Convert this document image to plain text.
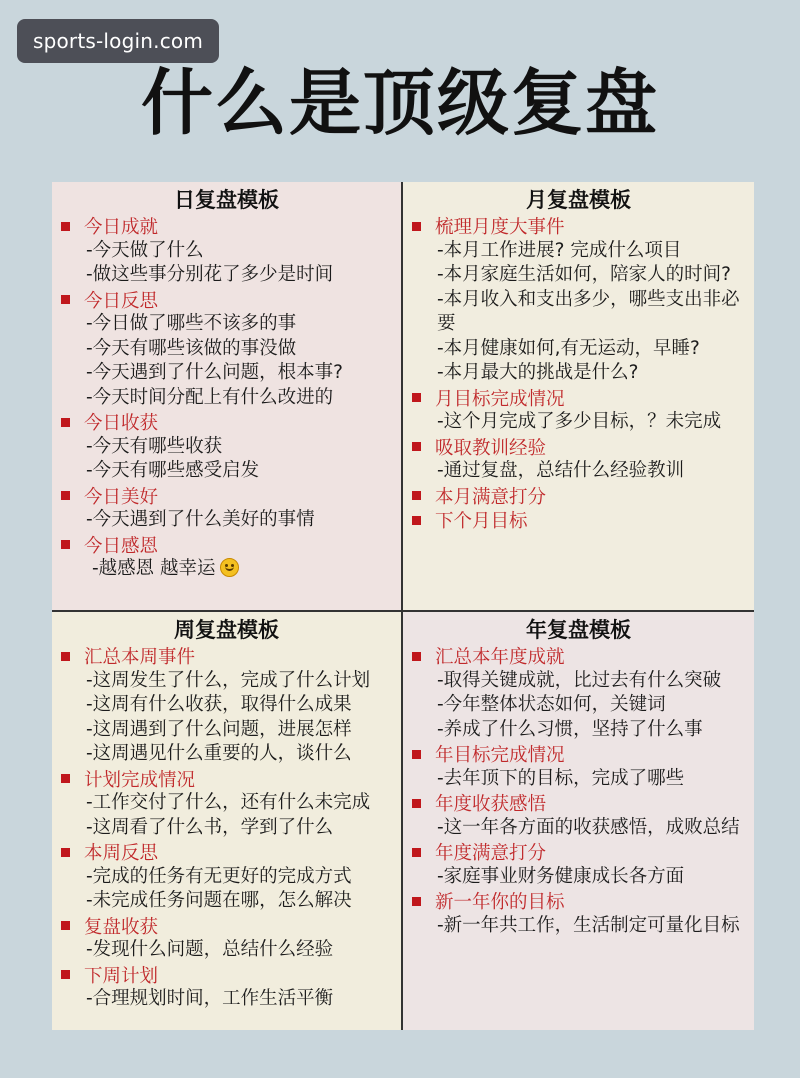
sports-login.com
什么是顶级复盘
日复盘模板
今日成就
-今天做了什么
-做这些事分别花了多少是时间
今日反思
-今日做了哪些不该多的事
-今天有哪些该做的事没做
-今天遇到了什么问题，根本事?
-今天时间分配上有什么改进的
今日收获
-今天有哪些收获
-今天有哪些感受启发
今日美好
-今天遇到了什么美好的事情
今日感恩
-越感恩 越幸运
月复盘模板
梳理月度大事件
-本月工作进展? 完成什么项目
-本月家庭生活如何，陪家人的时间?
-本月收入和支出多少，哪些支出非必要
-本月健康如何,有无运动，早睡?
-本月最大的挑战是什么?
月目标完成情况
-这个月完成了多少目标，？未完成
吸取教训经验
-通过复盘，总结什么经验教训
本月满意打分
下个月目标
周复盘模板
汇总本周事件
-这周发生了什么，完成了什么计划
-这周有什么收获，取得什么成果
-这周遇到了什么问题，进展怎样
-这周遇见什么重要的人，谈什么
计划完成情况
-工作交付了什么，还有什么未完成
-这周看了什么书，学到了什么
本周反思
-完成的任务有无更好的完成方式
-未完成任务问题在哪，怎么解决
复盘收获
-发现什么问题，总结什么经验
下周计划
-合理规划时间，工作生活平衡
年复盘模板
汇总本年度成就
-取得关键成就，比过去有什么突破
-今年整体状态如何，关键词
-养成了什么习惯，坚持了什么事
年目标完成情况
-去年顶下的目标，完成了哪些
年度收获感悟
-这一年各方面的收获感悟，成败总结
年度满意打分
-家庭事业财务健康成长各方面
新一年你的目标
-新一年共工作，生活制定可量化目标
